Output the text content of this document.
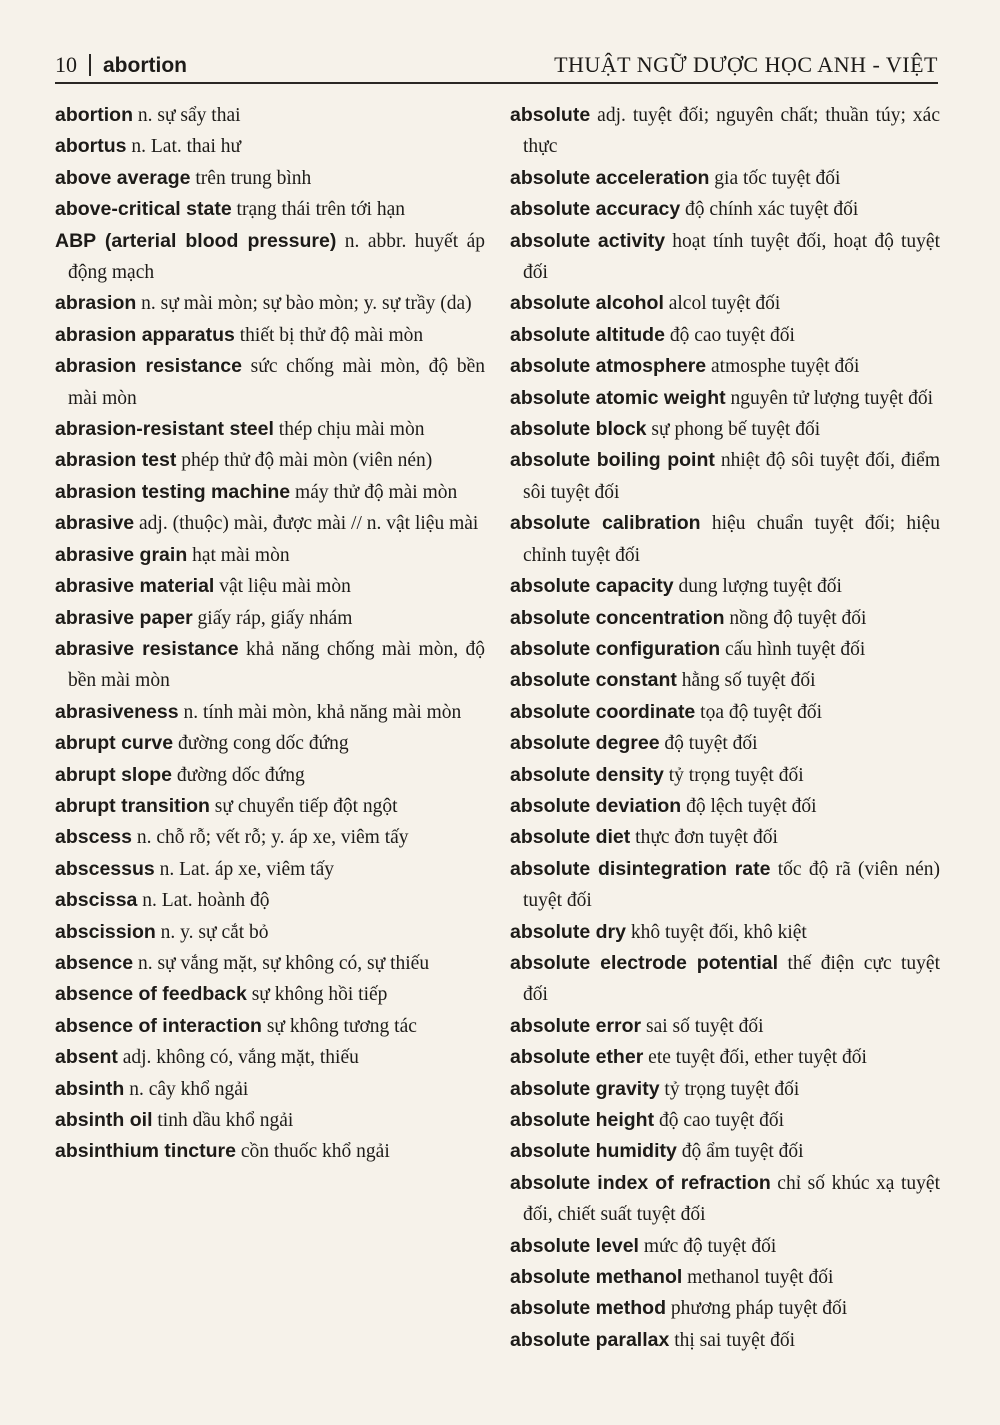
10 abortion	THUẬT NGỮ DƯỢC HỌC ANH - VIỆT
abortion n. sự sẩy thai
abortus n. Lat. thai hư
above average trên trung bình
above-critical state trạng thái trên tới hạn
ABP (arterial blood pressure) n. abbr. huyết áp động mạch
abrasion n. sự mài mòn; sự bào mòn; y. sự trầy (da)
abrasion apparatus thiết bị thử độ mài mòn
abrasion resistance sức chống mài mòn, độ bền mài mòn
abrasion-resistant steel thép chịu mài mòn
abrasion test phép thử độ mài mòn (viên nén)
abrasion testing machine máy thử độ mài mòn
abrasive adj. (thuộc) mài, được mài // n. vật liệu mài
abrasive grain hạt mài mòn
abrasive material vật liệu mài mòn
abrasive paper giấy ráp, giấy nhám
abrasive resistance khả năng chống mài mòn, độ bền mài mòn
abrasiveness n. tính mài mòn, khả năng mài mòn
abrupt curve đường cong dốc đứng
abrupt slope đường dốc đứng
abrupt transition sự chuyển tiếp đột ngột
abscess n. chỗ rỗ; vết rỗ; y. áp xe, viêm tấy
abscessus n. Lat. áp xe, viêm tấy
abscissa n. Lat. hoành độ
abscission n. y. sự cắt bỏ
absence n. sự vắng mặt, sự không có, sự thiếu
absence of feedback sự không hồi tiếp
absence of interaction sự không tương tác
absent adj. không có, vắng mặt, thiếu
absinth n. cây khổ ngải
absinth oil tinh dầu khổ ngải
absinthium tincture cồn thuốc khổ ngải
absolute adj. tuyệt đối; nguyên chất; thuần túy; xác thực
absolute acceleration gia tốc tuyệt đối
absolute accuracy độ chính xác tuyệt đối
absolute activity hoạt tính tuyệt đối, hoạt độ tuyệt đối
absolute alcohol alcol tuyệt đối
absolute altitude độ cao tuyệt đối
absolute atmosphere atmosphe tuyệt đối
absolute atomic weight nguyên tử lượng tuyệt đối
absolute block sự phong bế tuyệt đối
absolute boiling point nhiệt độ sôi tuyệt đối, điểm sôi tuyệt đối
absolute calibration hiệu chuẩn tuyệt đối; hiệu chỉnh tuyệt đối
absolute capacity dung lượng tuyệt đối
absolute concentration nồng độ tuyệt đối
absolute configuration cấu hình tuyệt đối
absolute constant hằng số tuyệt đối
absolute coordinate tọa độ tuyệt đối
absolute degree độ tuyệt đối
absolute density tỷ trọng tuyệt đối
absolute deviation độ lệch tuyệt đối
absolute diet thực đơn tuyệt đối
absolute disintegration rate tốc độ rã (viên nén) tuyệt đối
absolute dry khô tuyệt đối, khô kiệt
absolute electrode potential thế điện cực tuyệt đối
absolute error sai số tuyệt đối
absolute ether ete tuyệt đối, ether tuyệt đối
absolute gravity tỷ trọng tuyệt đối
absolute height độ cao tuyệt đối
absolute humidity độ ẩm tuyệt đối
absolute index of refraction chỉ số khúc xạ tuyệt đối, chiết suất tuyệt đối
absolute level mức độ tuyệt đối
absolute methanol methanol tuyệt đối
absolute method phương pháp tuyệt đối
absolute parallax thị sai tuyệt đối
